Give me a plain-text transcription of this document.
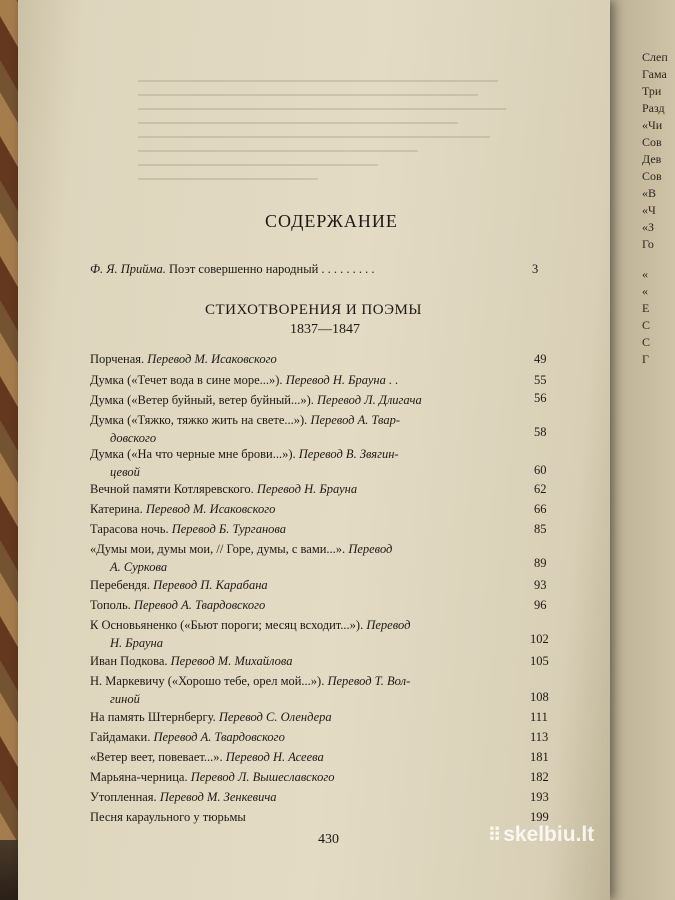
Слеп
Гама
Три
Разд
«Чи
Сов
Дев
Сов
«В
«Ч
«З
Го
«
«
Е
С
С
Г
СОДЕРЖАНИЕ
Ф. Я. Прийма. Поэт совершенно народный . . . . . . . . .	3
СТИХОТВОРЕНИЯ И ПОЭМЫ
1837—1847
Порченая. Перевод М. Исаковского	49
Думка («Течет вода в сине море...»). Перевод Н. Брауна . .	55
Думка («Ветер буйный, ветер буйный...»). Перевод Л. Длигача	56
Думка («Тяжко, тяжко жить на свете...»). Перевод А. Твар-
довского	58
Думка («На что черные мне брови...»). Перевод В. Звягин-
цевой	60
Вечной памяти Котляревского. Перевод Н. Брауна	62
Катерина. Перевод М. Исаковского	66
Тарасова ночь. Перевод Б. Турганова	85
«Думы мои, думы мои, // Горе, думы, с вами...». Перевод
А. Суркова	89
Перебендя. Перевод П. Карабана	93
Тополь. Перевод А. Твардовского	96
К Основьяненко («Бьют пороги; месяц всходит...»). Перевод
Н. Брауна	102
Иван Подкова. Перевод М. Михайлова	105
Н. Маркевичу («Хорошо тебе, орел мой...»). Перевод Т. Вол-
гиной	108
На память Штернбергу. Перевод С. Олендера	111
Гайдамаки. Перевод А. Твардовского	113
«Ветер веет, повевает...». Перевод Н. Асеева	181
Марьяна-черница. Перевод Л. Вышеславского	182
Утопленная. Перевод М. Зенкевича	193
Песня караульного у тюрьмы	199
430	⠿ skelbiu.lt
